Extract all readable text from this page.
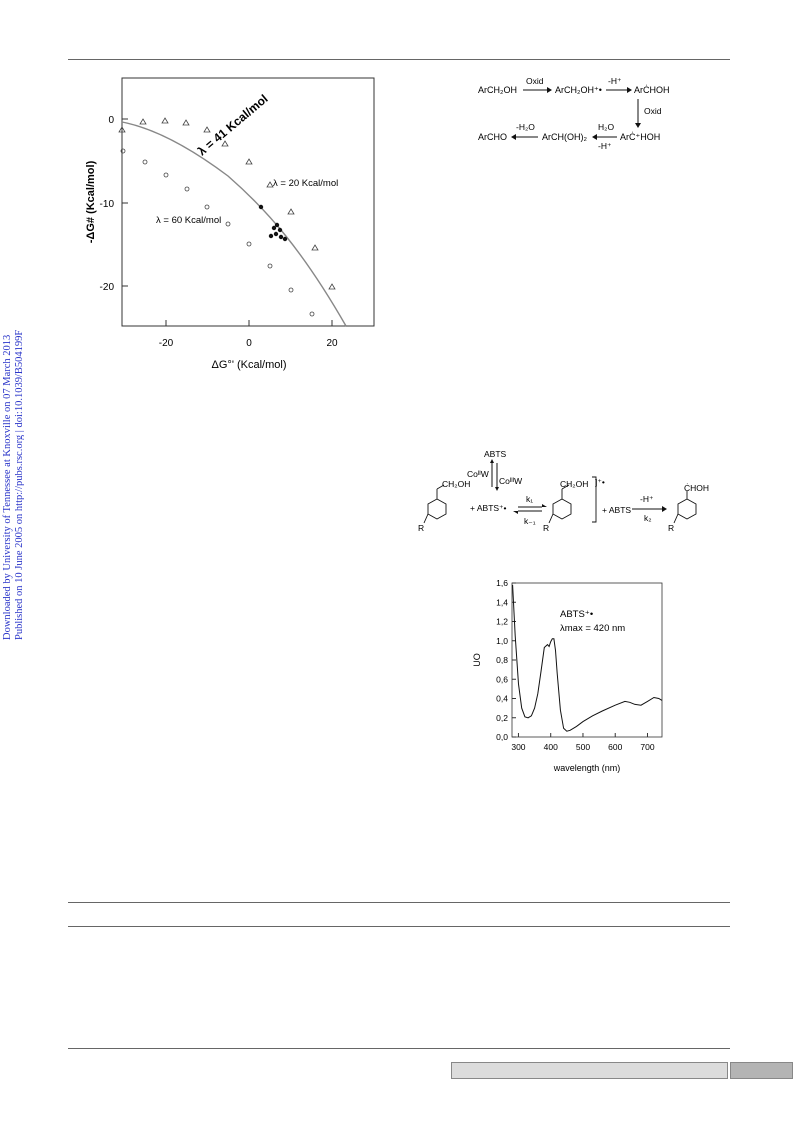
Downloaded by University of Tennessee at Knoxville on 07 March 2013 Published on 10 June 2005 on http://pubs.rsc.org | doi:10.1039/B504199F
0
-10
-20
-20	0	20
ΔG°' (Kcal/mol)
-ΔG# (Kcal/mol)
λ = 41 Kcal/mol
λ = 20 Kcal/mol
λ = 60 Kcal/mol
ArCH₂OH
Oxid
ArCH₂OH⁺•
-H⁺
ArĊHOH
Oxid
ArĊ⁺HOH
H₂O
-H⁺
ArCH(OH)₂
-H₂O
ArCHO
ABTS
CoᴵᴵW
CoᴵᴵᴵW
CH₂OH
R
+ ABTS⁺•
k₁
k₋₁
CH₂OH ]⁺•
R
+ ABTS
-H⁺
k₂
ĊHOH
R
0,0
0,2
0,4
0,6
0,8
1,0
1,2
1,4
1,6
300 400 500 600 700
ABTS⁺•
λmax = 420 nm
wavelength (nm)
UO
